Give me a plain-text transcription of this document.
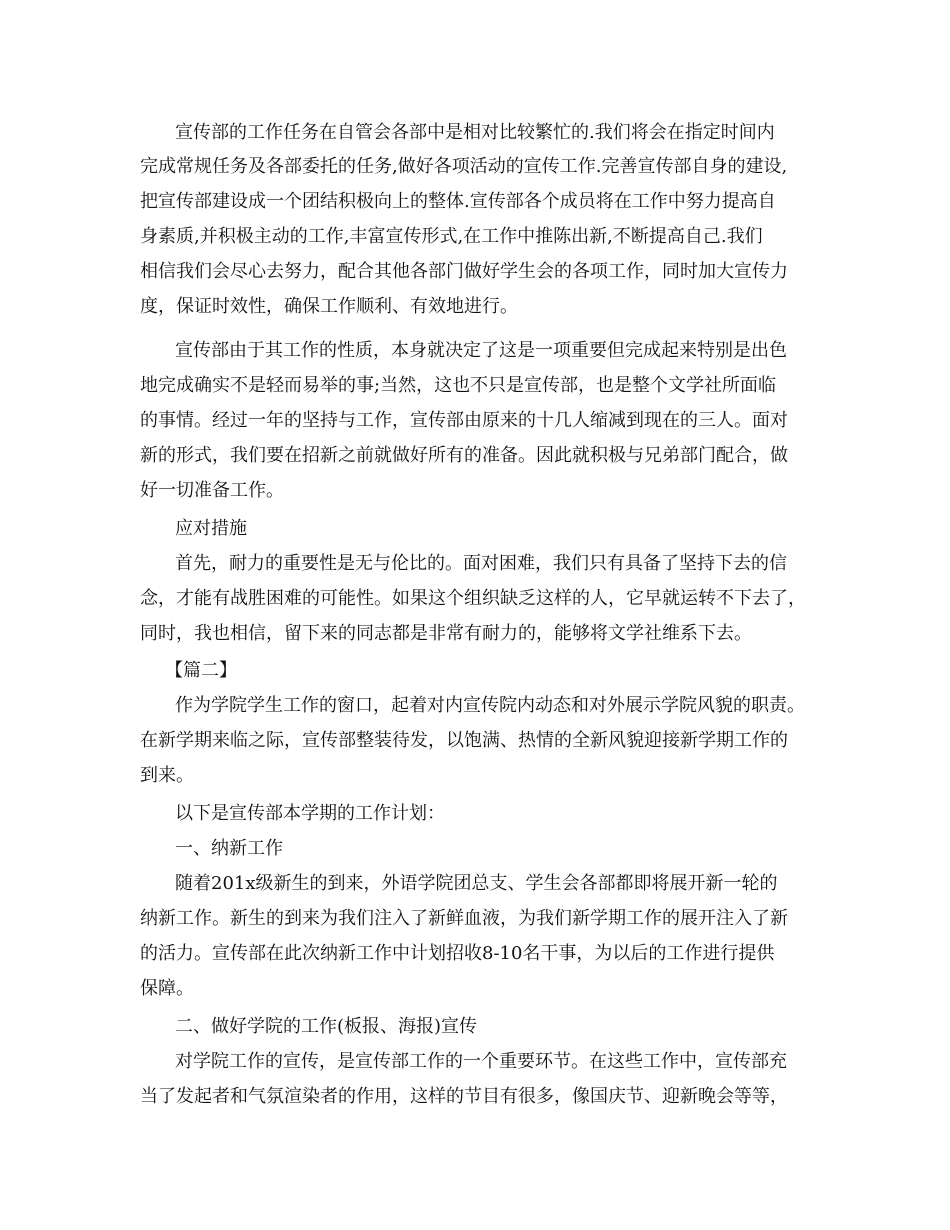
宣传部的工作任务在自管会各部中是相对比较繁忙的.我们将会在指定时间内
完成常规任务及各部委托的任务,做好各项活动的宣传工作.完善宣传部自身的建设,
把宣传部建设成一个团结积极向上的整体.宣传部各个成员将在工作中努力提高自
身素质,并积极主动的工作,丰富宣传形式,在工作中推陈出新,不断提高自己.我们
相信我们会尽心去努力，配合其他各部门做好学生会的各项工作，同时加大宣传力
度，保证时效性，确保工作顺利、有效地进行。
宣传部由于其工作的性质，本身就决定了这是一项重要但完成起来特别是出色
地完成确实不是轻而易举的事;当然，这也不只是宣传部，也是整个文学社所面临
的事情。经过一年的坚持与工作，宣传部由原来的十几人缩减到现在的三人。面对
新的形式，我们要在招新之前就做好所有的准备。因此就积极与兄弟部门配合，做
好一切准备工作。
应对措施
首先，耐力的重要性是无与伦比的。面对困难，我们只有具备了坚持下去的信
念，才能有战胜困难的可能性。如果这个组织缺乏这样的人，它早就运转不下去了，
同时，我也相信，留下来的同志都是非常有耐力的，能够将文学社维系下去。
【篇二】
作为学院学生工作的窗口，起着对内宣传院内动态和对外展示学院风貌的职责。
在新学期来临之际，宣传部整装待发，以饱满、热情的全新风貌迎接新学期工作的
到来。
以下是宣传部本学期的工作计划：
一、纳新工作
随着201x级新生的到来，外语学院团总支、学生会各部都即将展开新一轮的
纳新工作。新生的到来为我们注入了新鲜血液，为我们新学期工作的展开注入了新
的活力。宣传部在此次纳新工作中计划招收8-10名干事，为以后的工作进行提供
保障。
二、做好学院的工作(板报、海报)宣传
对学院工作的宣传，是宣传部工作的一个重要环节。在这些工作中，宣传部充
当了发起者和气氛渲染者的作用，这样的节目有很多，像国庆节、迎新晚会等等，
